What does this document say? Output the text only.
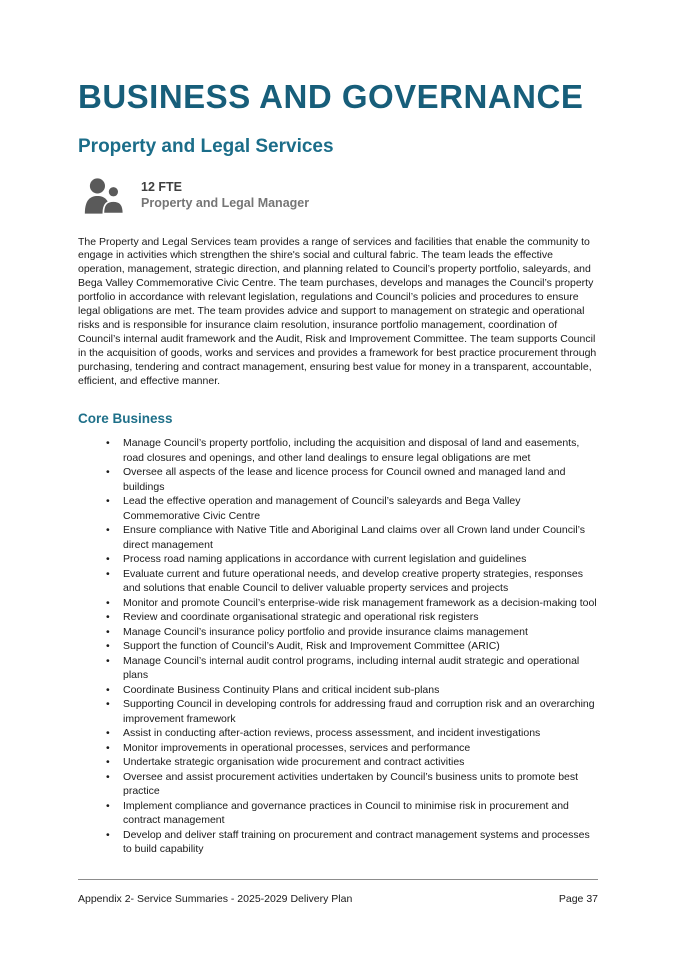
BUSINESS AND GOVERNANCE
Property and Legal Services
12 FTE
Property and Legal Manager

The Property and Legal Services team provides a range of services and facilities that enable the community to engage in activities which strengthen the shire's social and cultural fabric. The team leads the effective operation, management, strategic direction, and planning related to Council’s property portfolio, saleyards, and Bega Valley Commemorative Civic Centre. The team purchases, develops and manages the Council’s property portfolio in accordance with relevant legislation, regulations and Council’s policies and procedures to ensure legal obligations are met. The team provides advice and support to management on strategic and operational risks and is responsible for insurance claim resolution, insurance portfolio management, coordination of Council’s internal audit framework and the Audit, Risk and Improvement Committee. The team supports Council in the acquisition of goods, works and services and provides a framework for best practice procurement through purchasing, tendering and contract management, ensuring best value for money in a transparent, accountable, efficient, and effective manner.

Core Business
• Manage Council’s property portfolio, including the acquisition and disposal of land and easements, road closures and openings, and other land dealings to ensure legal obligations are met
• Oversee all aspects of the lease and licence process for Council owned and managed land and buildings
• Lead the effective operation and management of Council’s saleyards and Bega Valley Commemorative Civic Centre
• Ensure compliance with Native Title and Aboriginal Land claims over all Crown land under Council’s direct management
• Process road naming applications in accordance with current legislation and guidelines
• Evaluate current and future operational needs, and develop creative property strategies, responses and solutions that enable Council to deliver valuable property services and projects
• Monitor and promote Council’s enterprise-wide risk management framework as a decision-making tool
• Review and coordinate organisational strategic and operational risk registers
• Manage Council’s insurance policy portfolio and provide insurance claims management
• Support the function of Council’s Audit, Risk and Improvement Committee (ARIC)
• Manage Council’s internal audit control programs, including internal audit strategic and operational plans
• Coordinate Business Continuity Plans and critical incident sub-plans
• Supporting Council in developing controls for addressing fraud and corruption risk and an overarching improvement framework
• Assist in conducting after-action reviews, process assessment, and incident investigations
• Monitor improvements in operational processes, services and performance
• Undertake strategic organisation wide procurement and contract activities
• Oversee and assist procurement activities undertaken by Council’s business units to promote best practice
• Implement compliance and governance practices in Council to minimise risk in procurement and contract management
• Develop and deliver staff training on procurement and contract management systems and processes to build capability
Appendix 2- Service Summaries - 2025-2029 Delivery Plan	Page 37
